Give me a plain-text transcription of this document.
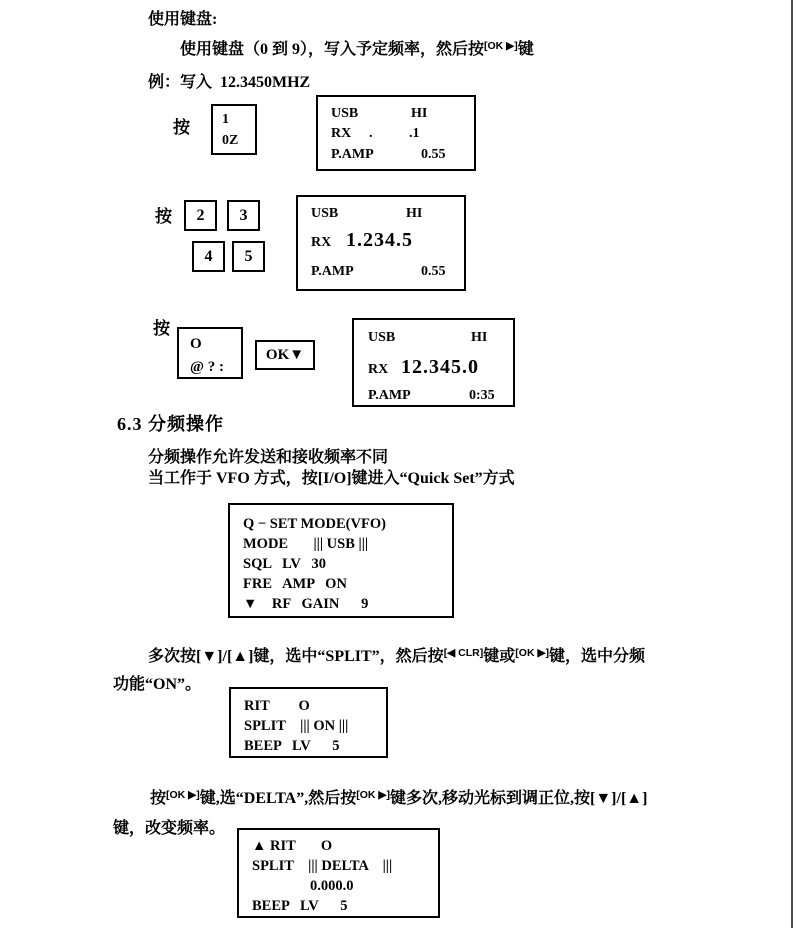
使用键盘:
使用键盘（0 到 9），写入予定频率，然后按[OK ▶]键
例：写入  12.3450MHZ
按 1
0Z
USB	HI
RX .	.1
P.AMP	0.55
按	2	3
4	5
USB	HI
RX 1.234.5
P.AMP	0.55
按
O
@ ? :
OK▼
USB	HI
RX 12.345.0
P.AMP	0:35
6.3 分频操作
分频操作允许发送和接收频率不同
当工作于 VFO 方式，按[I/O]键进入“Quick Set”方式
Q − SET MODE(VFO)
MODE       ||| USB |||
SQL   LV   30
FRE   AMP   ON
▼    RF   GAIN      9
多次按[▼]/[▲]键，选中“SPLIT”，然后按[◀ CLR]键或[OK ▶]键，选中分频
功能“ON”。
RIT        O
SPLIT    ||| ON |||
BEEP   LV      5
按[OK ▶]键,选“DELTA”,然后按[OK ▶]键多次,移动光标到调正位,按[▼]/[▲]
键，改变频率。
▲ RIT       O
SPLIT    ||| DELTA    |||
0.000.0
BEEP   LV      5
